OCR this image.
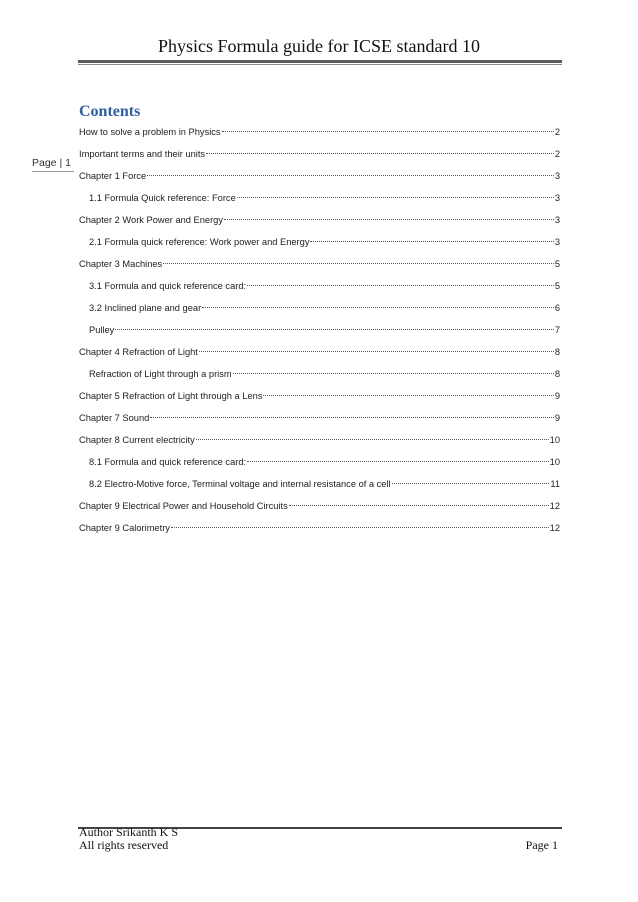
Physics Formula guide for ICSE standard 10
Page | 1
Contents
How to solve a problem in Physics	2
Important terms and their units	2
Chapter 1 Force	3
1.1 Formula Quick reference: Force	3
Chapter 2 Work Power and Energy	3
2.1 Formula quick reference: Work power and Energy	3
Chapter 3 Machines	5
3.1 Formula and quick reference card:	5
3.2 Inclined plane and gear	6
Pulley	7
Chapter 4 Refraction of Light	8
Refraction of Light through a prism	8
Chapter 5 Refraction of Light through a Lens	9
Chapter 7 Sound	9
Chapter 8 Current electricity	10
8.1 Formula and quick reference card:	10
8.2 Electro-Motive force, Terminal voltage and internal resistance of a cell	11
Chapter 9 Electrical Power and Household Circuits	12
Chapter 9 Calorimetry	12
Author Srikanth K S
All rights reserved	Page 1
